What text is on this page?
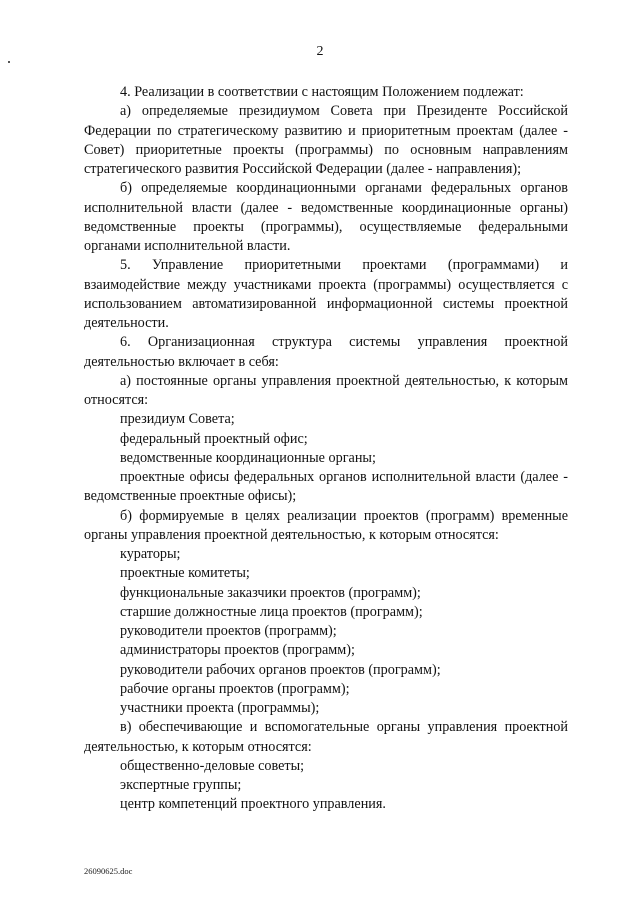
2

4. Реализации в соответствии с настоящим Положением подлежат:

а) определяемые президиумом Совета при Президенте Российской Федерации по стратегическому развитию и приоритетным проектам (далее - Совет) приоритетные проекты (программы) по основным направлениям стратегического развития Российской Федерации (далее - направления);

б) определяемые координационными органами федеральных органов исполнительной власти (далее - ведомственные координационные органы) ведомственные проекты (программы), осуществляемые федеральными органами исполнительной власти.

5. Управление приоритетными проектами (программами) и взаимодействие между участниками проекта (программы) осуществляется с использованием автоматизированной информационной системы проектной деятельности.

6. Организационная структура системы управления проектной деятельностью включает в себя:

а) постоянные органы управления проектной деятельностью, к которым относятся:

президиум Совета;

федеральный проектный офис;

ведомственные координационные органы;

проектные офисы федеральных органов исполнительной власти (далее - ведомственные проектные офисы);

б) формируемые в целях реализации проектов (программ) временные органы управления проектной деятельностью, к которым относятся:

кураторы;

проектные комитеты;

функциональные заказчики проектов (программ);

старшие должностные лица проектов (программ);

руководители проектов (программ);

администраторы проектов (программ);

руководители рабочих органов проектов (программ);

рабочие органы проектов (программ);

участники проекта (программы);

в) обеспечивающие и вспомогательные органы управления проектной деятельностью, к которым относятся:

общественно-деловые советы;

экспертные группы;

центр компетенций проектного управления.

26090625.doc
